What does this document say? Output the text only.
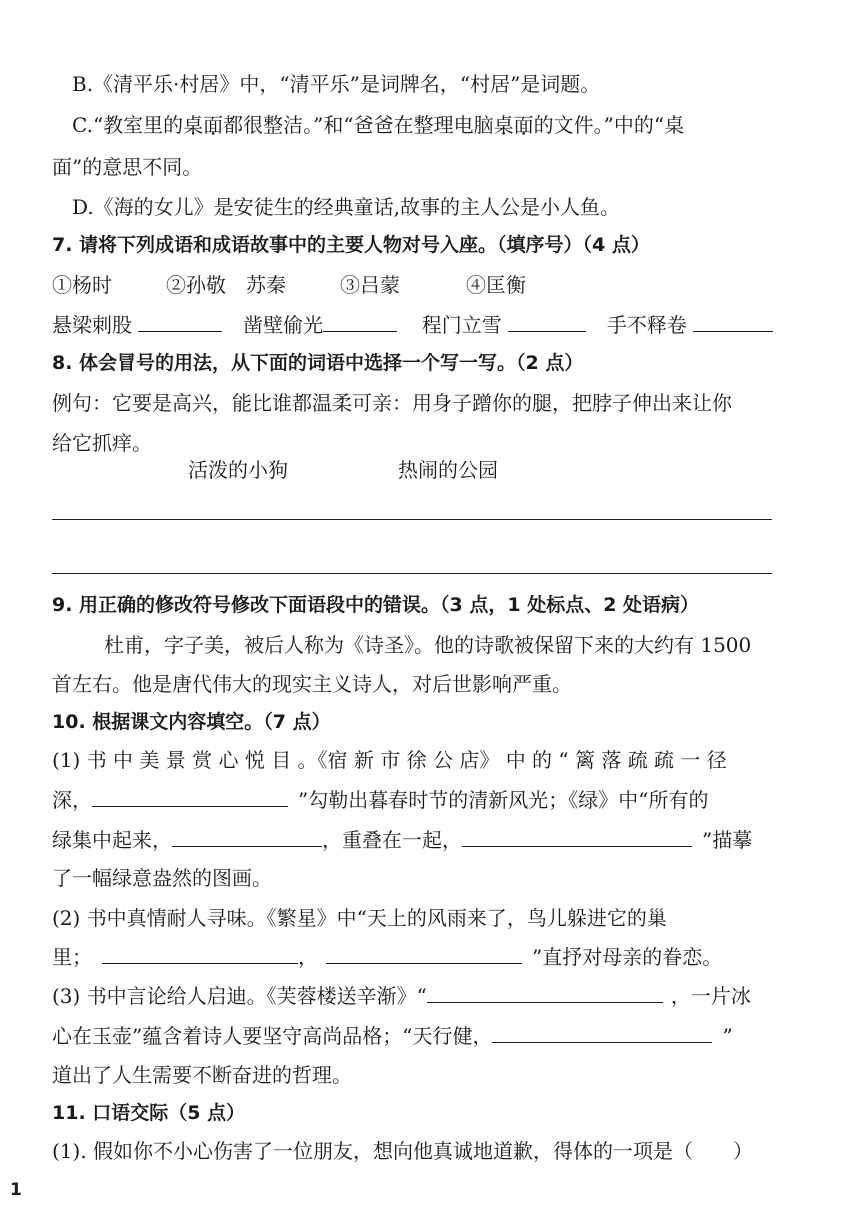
B.《清平乐·村居》中，“清平乐”是词牌名，“村居”是词题。
C.“教室里的桌面都很整洁。”和“爸爸在整理电脑桌面的文件。”中的“桌
面”的意思不同。
D.《海的女儿》是安徒生的经典童话,故事的主人公是小人鱼。
7. 请将下列成语和成语故事中的主要人物对号入座。（填序号）（4 点）
①杨时	②孙敬　苏秦	③吕蒙	④匡衡
悬梁刺股	凿壁偷光	程门立雪	手不释卷
8. 体会冒号的用法，从下面的词语中选择一个写一写。（2 点）
例句：它要是高兴，能比谁都温柔可亲：用身子蹭你的腿，把脖子伸出来让你
给它抓痒。
活泼的小狗	热闹的公园
9. 用正确的修改符号修改下面语段中的错误。（3 点，1 处标点、2 处语病）
杜甫，字子美，被后人称为《诗圣》。他的诗歌被保留下来的大约有 1500
首左右。他是唐代伟大的现实主义诗人，对后世影响严重。
10. 根据课文内容填空。（7 点）
(1) 书 中 美 景 赏 心 悦 目 。《宿 新 市 徐 公 店》 中 的 “ 篱 落 疏 疏 一 径
深，	”勾勒出暮春时节的清新风光；《绿》中“所有的
绿集中起来，	，重叠在一起，	”描摹
了一幅绿意盎然的图画。
(2) 书中真情耐人寻味。《繁星》中“天上的风雨来了，鸟儿躲进它的巢
里；	，	”直抒对母亲的眷恋。
(3) 书中言论给人启迪。《芙蓉楼送辛渐》“	，一片冰
心在玉壶”蕴含着诗人要坚守高尚品格；“天行健，	”
道出了人生需要不断奋进的哲理。
11. 口语交际（5 点）
(1). 假如你不小心伤害了一位朋友，想向他真诚地道歉，得体的一项是（　　）
1
